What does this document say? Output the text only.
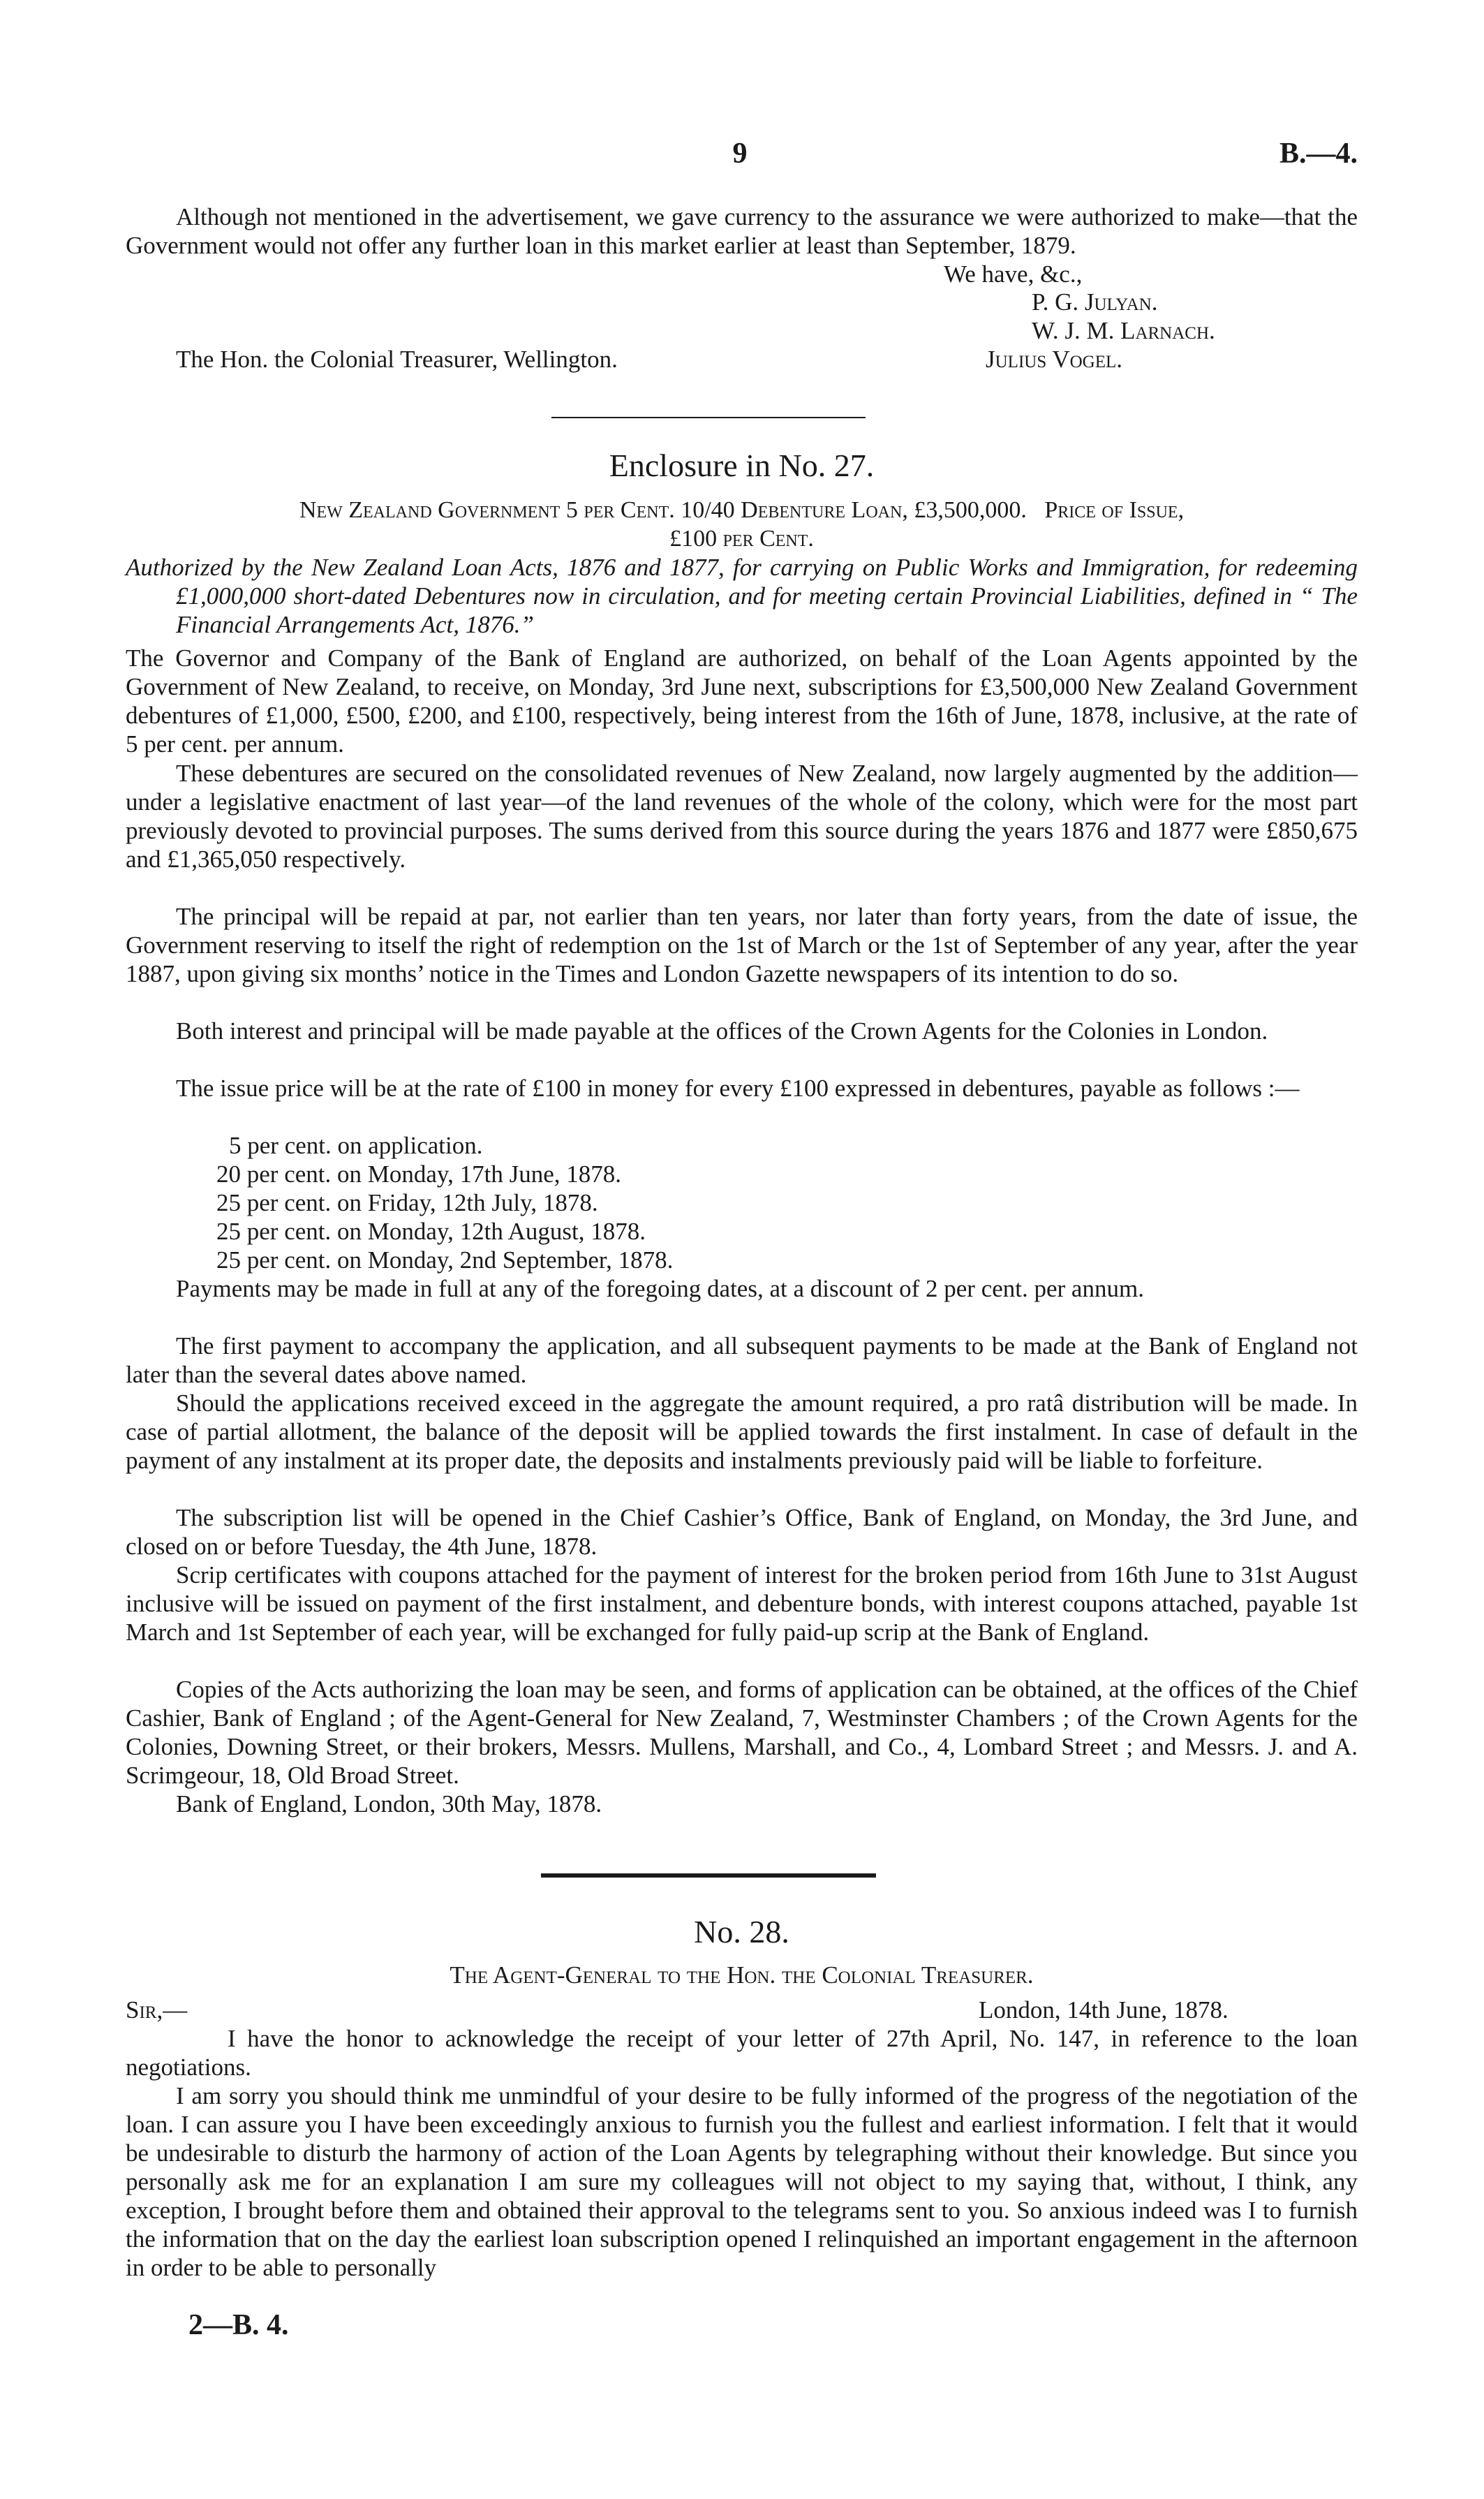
9	B.—4.

Although not mentioned in the advertisement, we gave currency to the assurance we were authorized to make—that the Government would not offer any further loan in this market earlier at least than September, 1879.

We have, &c.,
P. G. Julyan.
W. J. M. Larnach.
Julius Vogel.
The Hon. the Colonial Treasurer, Wellington.
Enclosure in No. 27.
New Zealand Government 5 per Cent. 10/40 Debenture Loan, £3,500,000.   Price of Issue,
£100 per Cent.

Authorized by the New Zealand Loan Acts, 1876 and 1877, for carrying on Public Works and Immigration, for redeeming £1,000,000 short-dated Debentures now in circulation, and for meeting certain Provincial Liabilities, defined in “ The Financial Arrangements Act, 1876.”

The Governor and Company of the Bank of England are authorized, on behalf of the Loan Agents appointed by the Government of New Zealand, to receive, on Monday, 3rd June next, subscriptions for £3,500,000 New Zealand Government debentures of £1,000, £500, £200, and £100, respectively, being interest from the 16th of June, 1878, inclusive, at the rate of 5 per cent. per annum.

These debentures are secured on the consolidated revenues of New Zealand, now largely augmented by the addition—under a legislative enactment of last year—of the land revenues of the whole of the colony, which were for the most part previously devoted to provincial purposes. The sums derived from this source during the years 1876 and 1877 were £850,675 and £1,365,050 respectively.

The principal will be repaid at par, not earlier than ten years, nor later than forty years, from the date of issue, the Government reserving to itself the right of redemption on the 1st of March or the 1st of September of any year, after the year 1887, upon giving six months’ notice in the Times and London Gazette newspapers of its intention to do so.

Both interest and principal will be made payable at the offices of the Crown Agents for the Colonies in London.

The issue price will be at the rate of £100 in money for every £100 expressed in debentures, payable as follows :—

5 per cent. on application.
20 per cent. on Monday, 17th June, 1878.
25 per cent. on Friday, 12th July, 1878.
25 per cent. on Monday, 12th August, 1878.
25 per cent. on Monday, 2nd September, 1878.

Payments may be made in full at any of the foregoing dates, at a discount of 2 per cent. per annum.

The first payment to accompany the application, and all subsequent payments to be made at the Bank of England not later than the several dates above named.

Should the applications received exceed in the aggregate the amount required, a pro ratâ distribution will be made. In case of partial allotment, the balance of the deposit will be applied towards the first instalment. In case of default in the payment of any instalment at its proper date, the deposits and instalments previously paid will be liable to forfeiture.

The subscription list will be opened in the Chief Cashier’s Office, Bank of England, on Monday, the 3rd June, and closed on or before Tuesday, the 4th June, 1878.

Scrip certificates with coupons attached for the payment of interest for the broken period from 16th June to 31st August inclusive will be issued on payment of the first instalment, and debenture bonds, with interest coupons attached, payable 1st March and 1st September of each year, will be exchanged for fully paid-up scrip at the Bank of England.

Copies of the Acts authorizing the loan may be seen, and forms of application can be obtained, at the offices of the Chief Cashier, Bank of England ; of the Agent-General for New Zealand, 7, Westminster Chambers ; of the Crown Agents for the Colonies, Downing Street, or their brokers, Messrs. Mullens, Marshall, and Co., 4, Lombard Street ; and Messrs. J. and A. Scrimgeour, 18, Old Broad Street.

Bank of England, London, 30th May, 1878.
No. 28.
The Agent-General to the Hon. the Colonial Treasurer.
Sir,—	London, 14th June, 1878.

I have the honor to acknowledge the receipt of your letter of 27th April, No. 147, in reference to the loan negotiations.

I am sorry you should think me unmindful of your desire to be fully informed of the progress of the negotiation of the loan. I can assure you I have been exceedingly anxious to furnish you the fullest and earliest information. I felt that it would be undesirable to disturb the harmony of action of the Loan Agents by telegraphing without their knowledge. But since you personally ask me for an explanation I am sure my colleagues will not object to my saying that, without, I think, any exception, I brought before them and obtained their approval to the telegrams sent to you. So anxious indeed was I to furnish the information that on the day the earliest loan subscription opened I relinquished an important engagement in the afternoon in order to be able to personally

2—B. 4.
